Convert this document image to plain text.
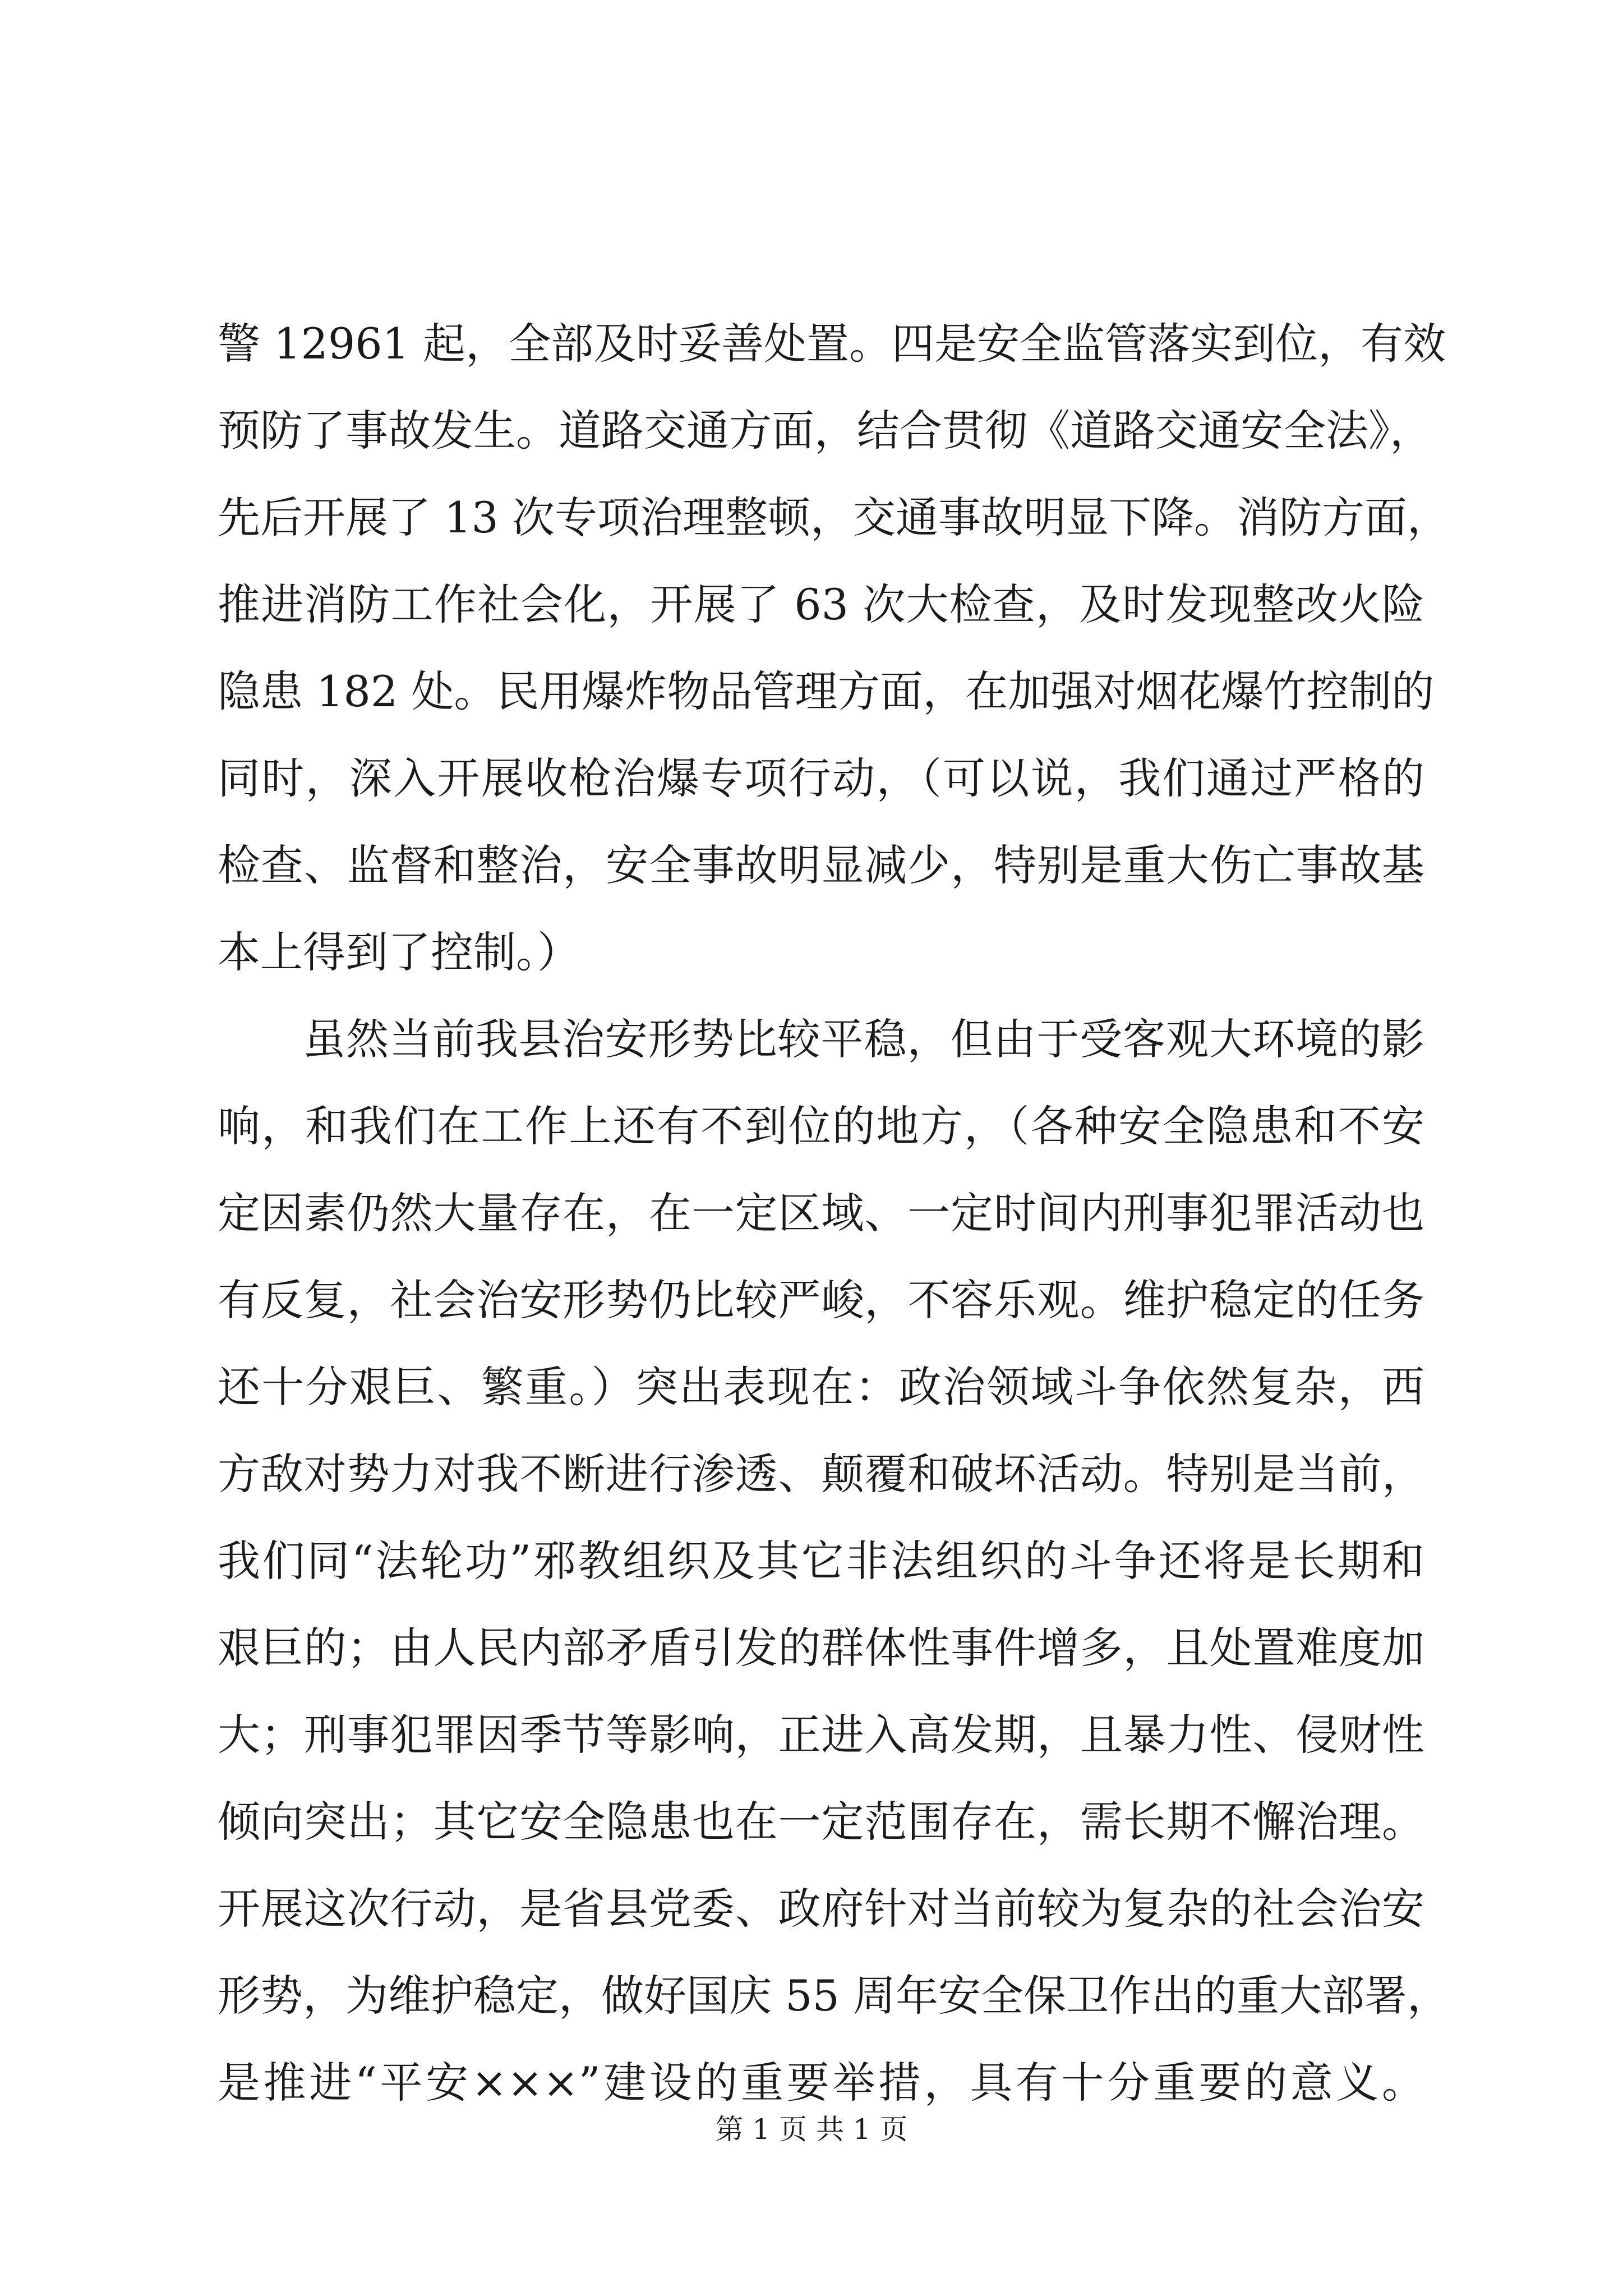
警 12961 起，全部及时妥善处置。四是安全监管落实到位，有效
预防了事故发生。道路交通方面，结合贯彻《道路交通安全法》，
先后开展了 13 次专项治理整顿，交通事故明显下降。消防方面，
推进消防工作社会化，开展了 63 次大检查，及时发现整改火险
隐患 182 处。民用爆炸物品管理方面，在加强对烟花爆竹控制的
同时，深入开展收枪治爆专项行动，（可以说，我们通过严格的
检查、监督和整治，安全事故明显减少，特别是重大伤亡事故基
本上得到了控制。）
虽然当前我县治安形势比较平稳，但由于受客观大环境的影
响，和我们在工作上还有不到位的地方，（各种安全隐患和不安
定因素仍然大量存在，在一定区域、一定时间内刑事犯罪活动也
有反复，社会治安形势仍比较严峻，不容乐观。维护稳定的任务
还十分艰巨、繁重。）突出表现在：政治领域斗争依然复杂，西
方敌对势力对我不断进行渗透、颠覆和破坏活动。特别是当前，
我们同“法轮功”邪教组织及其它非法组织的斗争还将是长期和
艰巨的；由人民内部矛盾引发的群体性事件增多，且处置难度加
大；刑事犯罪因季节等影响，正进入高发期，且暴力性、侵财性
倾向突出；其它安全隐患也在一定范围存在，需长期不懈治理。
开展这次行动，是省县党委、政府针对当前较为复杂的社会治安
形势，为维护稳定，做好国庆 55 周年安全保卫作出的重大部署，
是推进“平安×××”建设的重要举措，具有十分重要的意义。
第 1 页 共 1 页
